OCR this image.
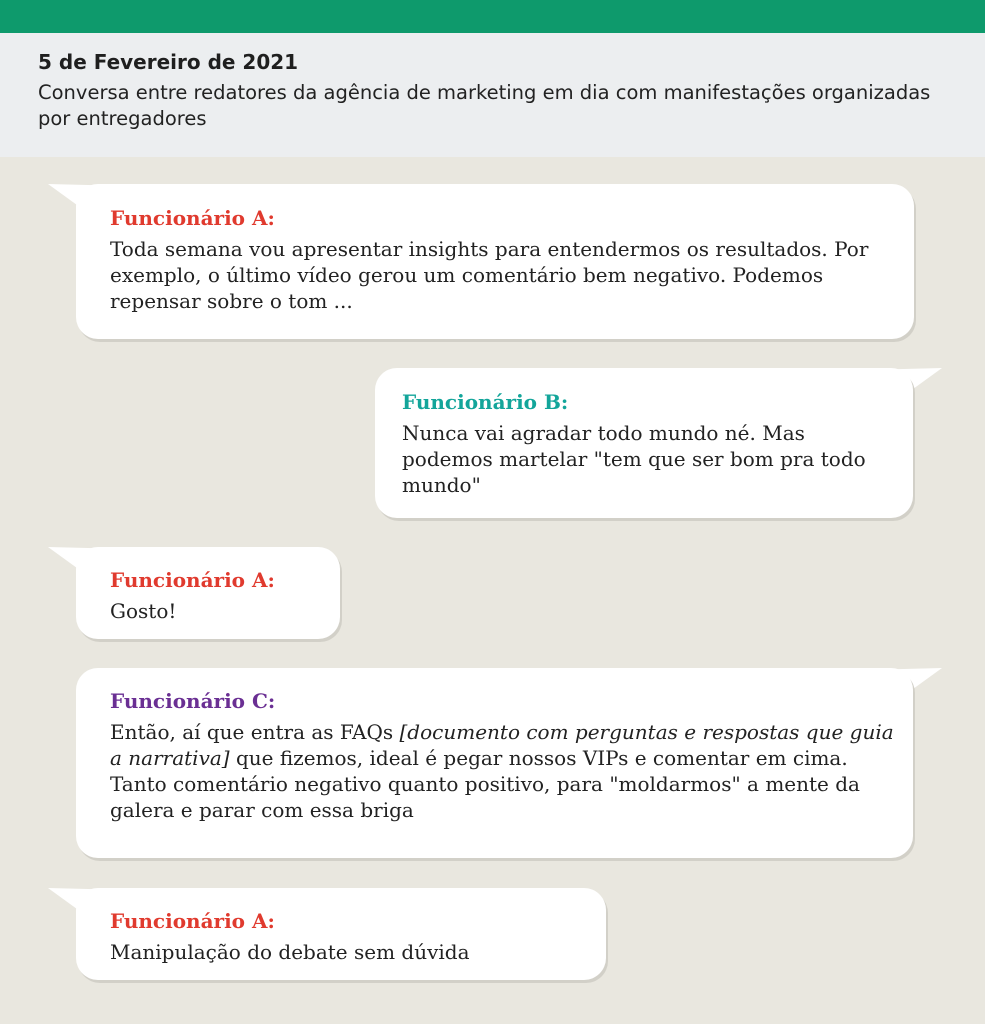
5 de Fevereiro de 2021
Conversa entre redatores da agência de marketing em dia com manifestações organizadas por entregadores
Funcionário A:
Toda semana vou apresentar insights para entendermos os resultados. Por exemplo, o último vídeo gerou um comentário bem negativo. Podemos repensar sobre o tom ...
Funcionário B:
Nunca vai agradar todo mundo né. Mas podemos martelar "tem que ser bom pra todo mundo"
Funcionário A:
Gosto!
Funcionário C:
Então, aí que entra as FAQs [documento com perguntas e respostas que guia a narrativa] que fizemos, ideal é pegar nossos VIPs e comentar em cima. Tanto comentário negativo quanto positivo, para "moldarmos" a mente da galera e parar com essa briga
Funcionário A:
Manipulação do debate sem dúvida
